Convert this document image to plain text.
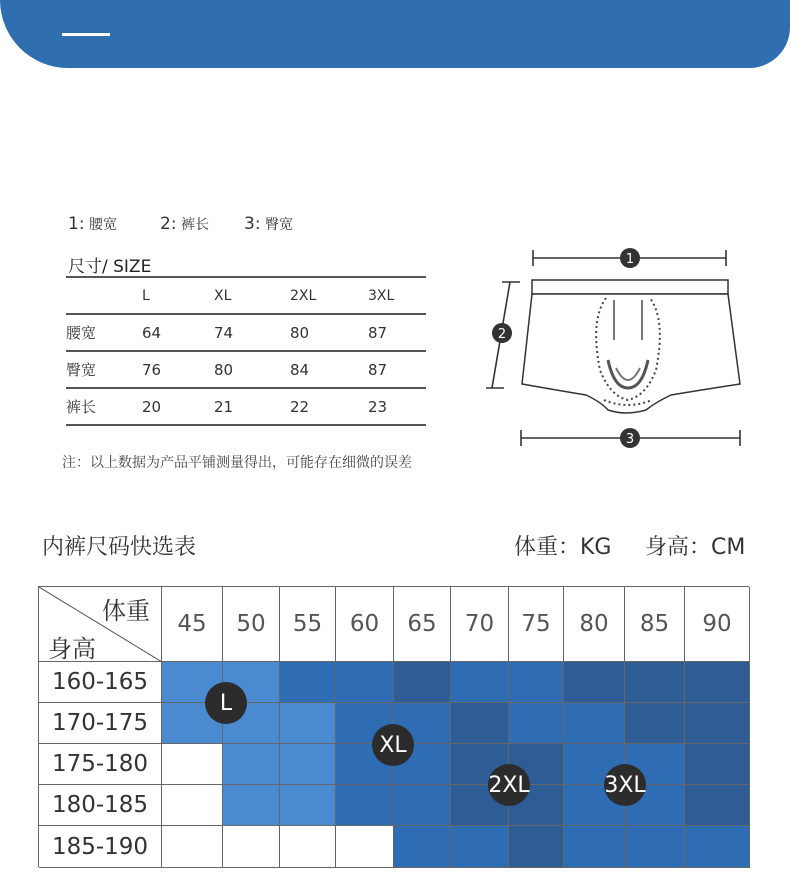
1: 腰宽	2: 裤长 3: 臀宽
尺寸/ SIZE
	L	XL	2XL	3XL
腰宽	64	74	80	87
臀宽	76	80	84	87
裤长	20	21	22	23
1
2
3
注：以上数据为产品平铺测量得出，可能存在细微的误差
内裤尺码快选表	体重：KG 身高：CM
体重
身高
45	50	55	60	65	70	75	80	85	90
160-165
170-175
175-180
180-185
185-190
L
XL
2XL	3XL
